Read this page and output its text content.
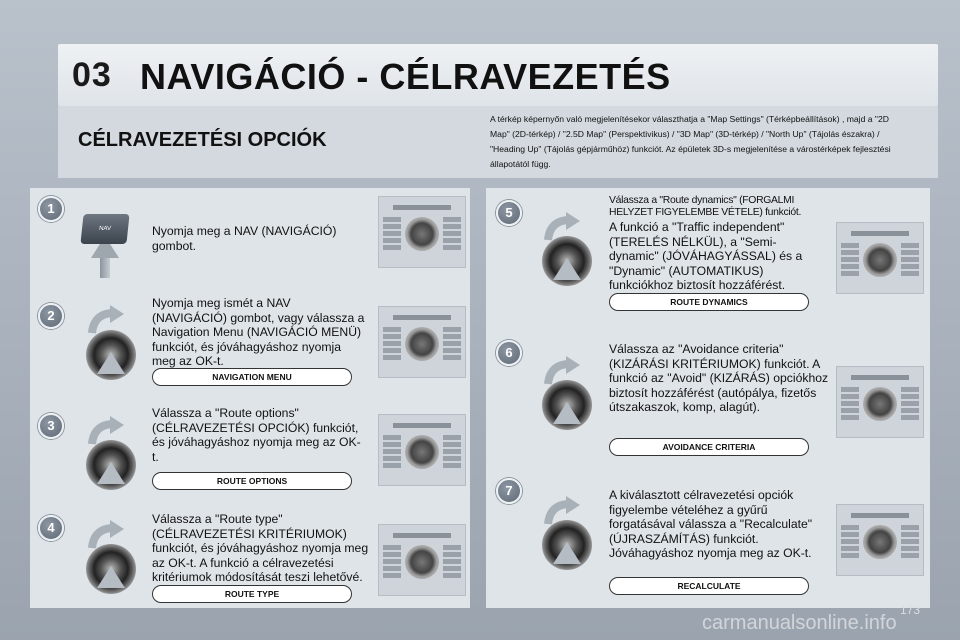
03 NAVIGÁCIÓ - CÉLRAVEZETÉS
CÉLRAVEZETÉSI OPCIÓK
A térkép képernyőn való megjelenítésekor választhatja a "Map Settings" (Térképbeállítások) , majd a "2D Map" (2D-térkép) / "2.5D Map" (Perspektivikus) / "3D Map" (3D-térkép) / "North Up" (Tájolás északra) / "Heading Up" (Tájolás gépjárműhöz) funkciót. Az épületek 3D-s megjelenítése a várostérképek fejlesztési állapotától függ.
1
NAV	Nyomja meg a NAV (NAVIGÁCIÓ) gombot.
2
Nyomja meg ismét a NAV (NAVIGÁCIÓ) gombot, vagy válassza a Navigation Menu (NAVIGÁCIÓ MENÜ) funkciót, és jóváhagyáshoz nyomja meg az OK-t.
NAVIGATION MENU
3
Válassza a "Route options" (CÉLRAVEZETÉSI OPCIÓK) funkciót, és jóváhagyáshoz nyomja meg az OK-t.
ROUTE OPTIONS
4
Válassza a "Route type" (CÉLRAVEZETÉSI KRITÉRIUMOK) funkciót, és jóváhagyáshoz nyomja meg az OK-t. A funkció a célravezetési kritériumok módosítását teszi lehetővé.
ROUTE TYPE
5
Válassza a "Route dynamics" (FORGALMI HELYZET FIGYELEMBE VÉTELE) funkciót.
A funkció a "Traffic independent" (TERELÉS NÉLKÜL), a "Semi-dynamic" (JÓVÁHAGYÁSSAL) és a "Dynamic" (AUTOMATIKUS) funkciókhoz biztosít hozzáférést.
ROUTE DYNAMICS
6	Válassza az "Avoidance criteria" (KIZÁRÁSI KRITÉRIUMOK) funkciót. A funkció az "Avoid" (KIZÁRÁS) opciókhoz biztosít hozzáférést (autópálya, fizetős útszakaszok, komp, alagút).
AVOIDANCE CRITERIA
7	A kiválasztott célravezetési opciók figyelembe vételéhez a gyűrű forgatásával válassza a "Recalculate" (ÚJRASZÁMÍTÁS) funkciót. Jóváhagyáshoz nyomja meg az OK-t.
RECALCULATE
173
carmanualsonline.info
